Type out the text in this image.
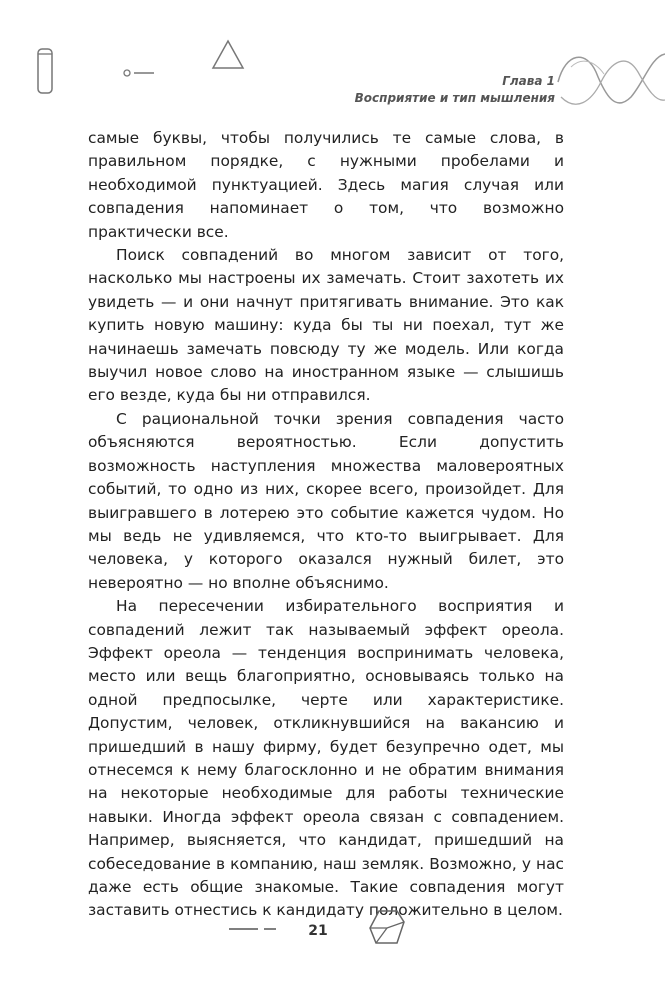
Глава 1
Восприятие и тип мышления

самые буквы, чтобы получились те самые слова, в правильном порядке, с нужными пробелами и необходимой пунктуацией. Здесь магия случая или совпадения напоминает о том, что возможно практически все.

Поиск совпадений во многом зависит от того, насколько мы настроены их замечать. Стоит захотеть их увидеть — и они начнут притягивать внимание. Это как купить новую машину: куда бы ты ни поехал, тут же начинаешь замечать повсюду ту же модель. Или когда выучил новое слово на иностранном языке — слышишь его везде, куда бы ни отправился.

С рациональной точки зрения совпадения часто объясняются вероятностью. Если допустить возможность наступления множества маловероятных событий, то одно из них, скорее всего, произойдет. Для выигравшего в лотерею это событие кажется чудом. Но мы ведь не удивляемся, что кто-то выигрывает. Для человека, у которого оказался нужный билет, это невероятно — но вполне объяснимо.

На пересечении избирательного восприятия и совпадений лежит так называемый эффект ореола. Эффект ореола — тенденция воспринимать человека, место или вещь благоприятно, основываясь только на одной предпосылке, черте или характеристике. Допустим, человек, откликнувшийся на вакансию и пришедший в нашу фирму, будет безупречно одет, мы отнесемся к нему благосклонно и не обратим внимания на некоторые необходимые для работы технические навыки. Иногда эффект ореола связан с совпадением. Например, выясняется, что кандидат, пришедший на собеседование в компанию, наш земляк. Возможно, у нас даже есть общие знакомые. Такие совпадения могут заставить отнестись к кандидату положительно в целом.

21
